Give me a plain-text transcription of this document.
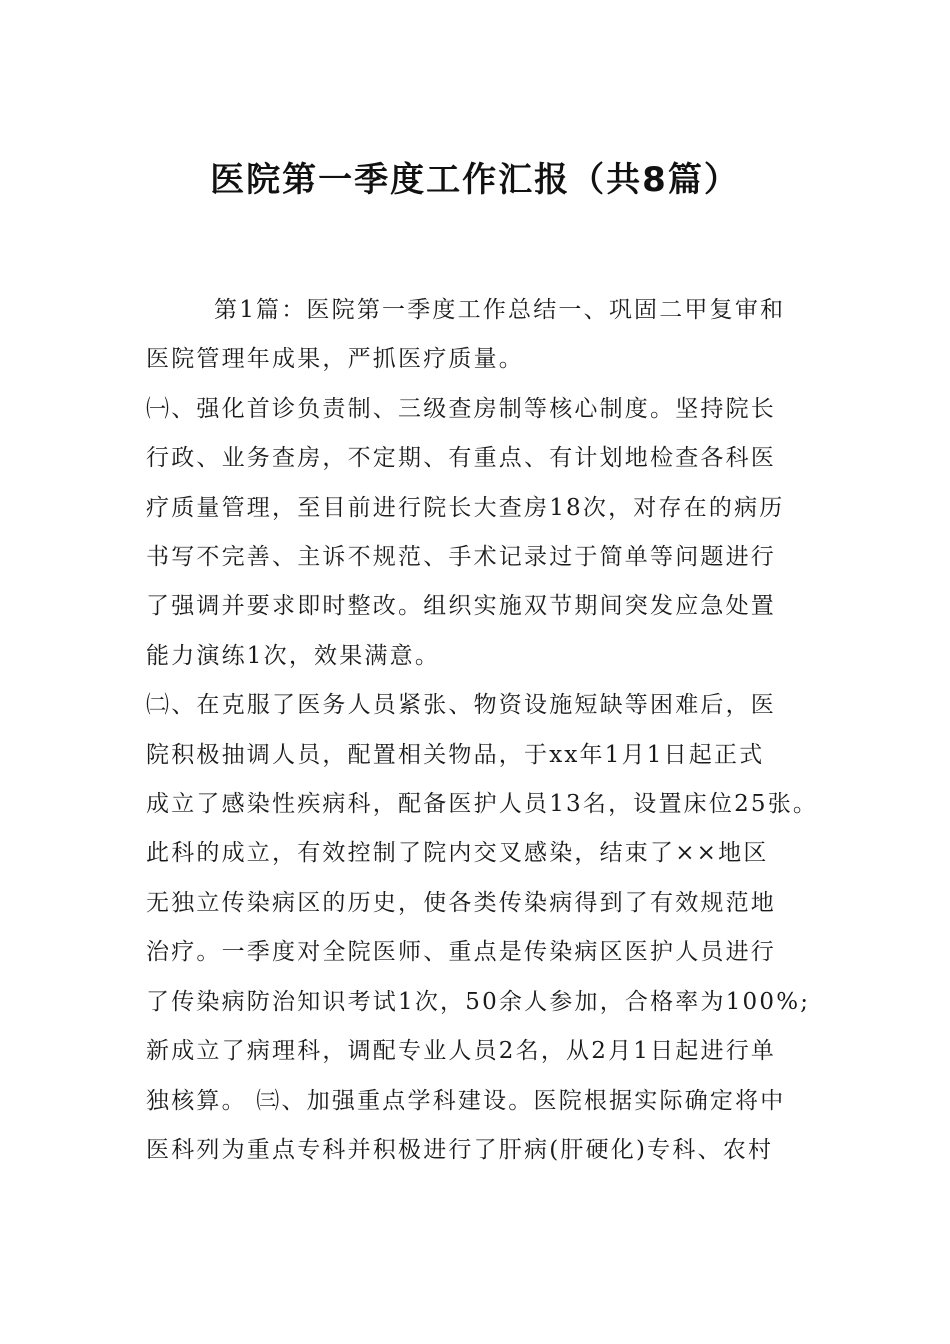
医院第一季度工作汇报（共8篇）
第1篇：医院第一季度工作总结一、巩固二甲复审和
医院管理年成果，严抓医疗质量。
㈠、强化首诊负责制、三级查房制等核心制度。坚持院长
行政、业务查房，不定期、有重点、有计划地检查各科医
疗质量管理，至目前进行院长大查房18次，对存在的病历
书写不完善、主诉不规范、手术记录过于简单等问题进行
了强调并要求即时整改。组织实施双节期间突发应急处置
能力演练1次，效果满意。
㈡、在克服了医务人员紧张、物资设施短缺等困难后，医
院积极抽调人员，配置相关物品，于xx年1月1日起正式
成立了感染性疾病科，配备医护人员13名，设置床位25张。
此科的成立，有效控制了院内交叉感染，结束了××地区
无独立传染病区的历史，使各类传染病得到了有效规范地
治疗。一季度对全院医师、重点是传染病区医护人员进行
了传染病防治知识考试1次，50余人参加，合格率为100%;
新成立了病理科，调配专业人员2名，从2月1日起进行单
独核算。 ㈢、加强重点学科建设。医院根据实际确定将中
医科列为重点专科并积极进行了肝病(肝硬化)专科、农村
